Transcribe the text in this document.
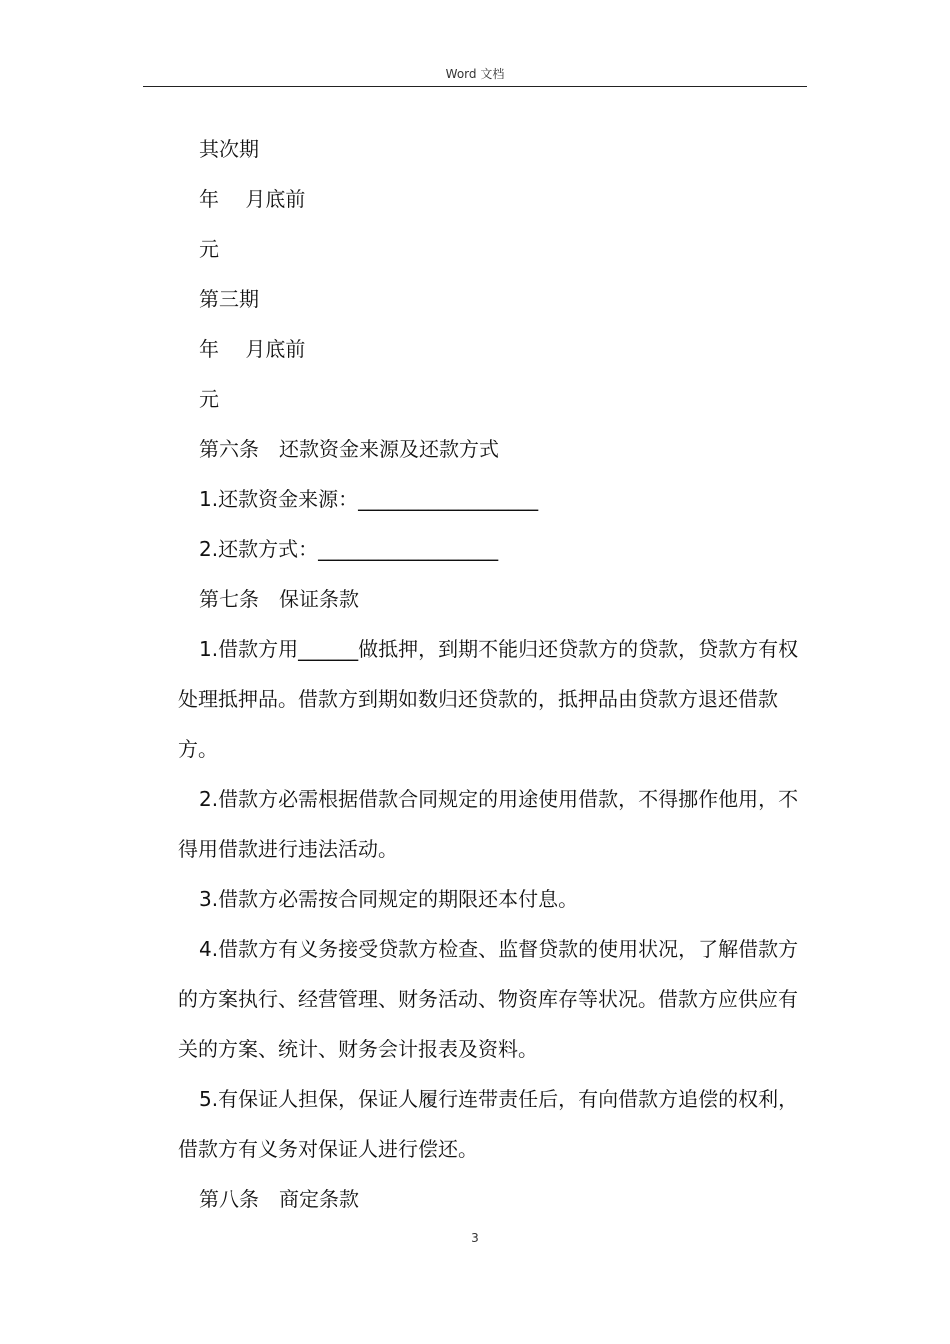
Word 文档

其次期

年　 月底前

元

第三期

年　 月底前

元

第六条　还款资金来源及还款方式

1.还款资金来源：__________________

2.还款方式：__________________

第七条　保证条款

1.借款方用______做抵押，到期不能归还贷款方的贷款，贷款方有权处理抵押品。借款方到期如数归还贷款的，抵押品由贷款方退还借款方。

2.借款方必需根据借款合同规定的用途使用借款，不得挪作他用，不得用借款进行违法活动。

3.借款方必需按合同规定的期限还本付息。

4.借款方有义务接受贷款方检查、监督贷款的使用状况，了解借款方的方案执行、经营管理、财务活动、物资库存等状况。借款方应供应有关的方案、统计、财务会计报表及资料。

5.有保证人担保，保证人履行连带责任后，有向借款方追偿的权利，借款方有义务对保证人进行偿还。

第八条　商定条款

3
